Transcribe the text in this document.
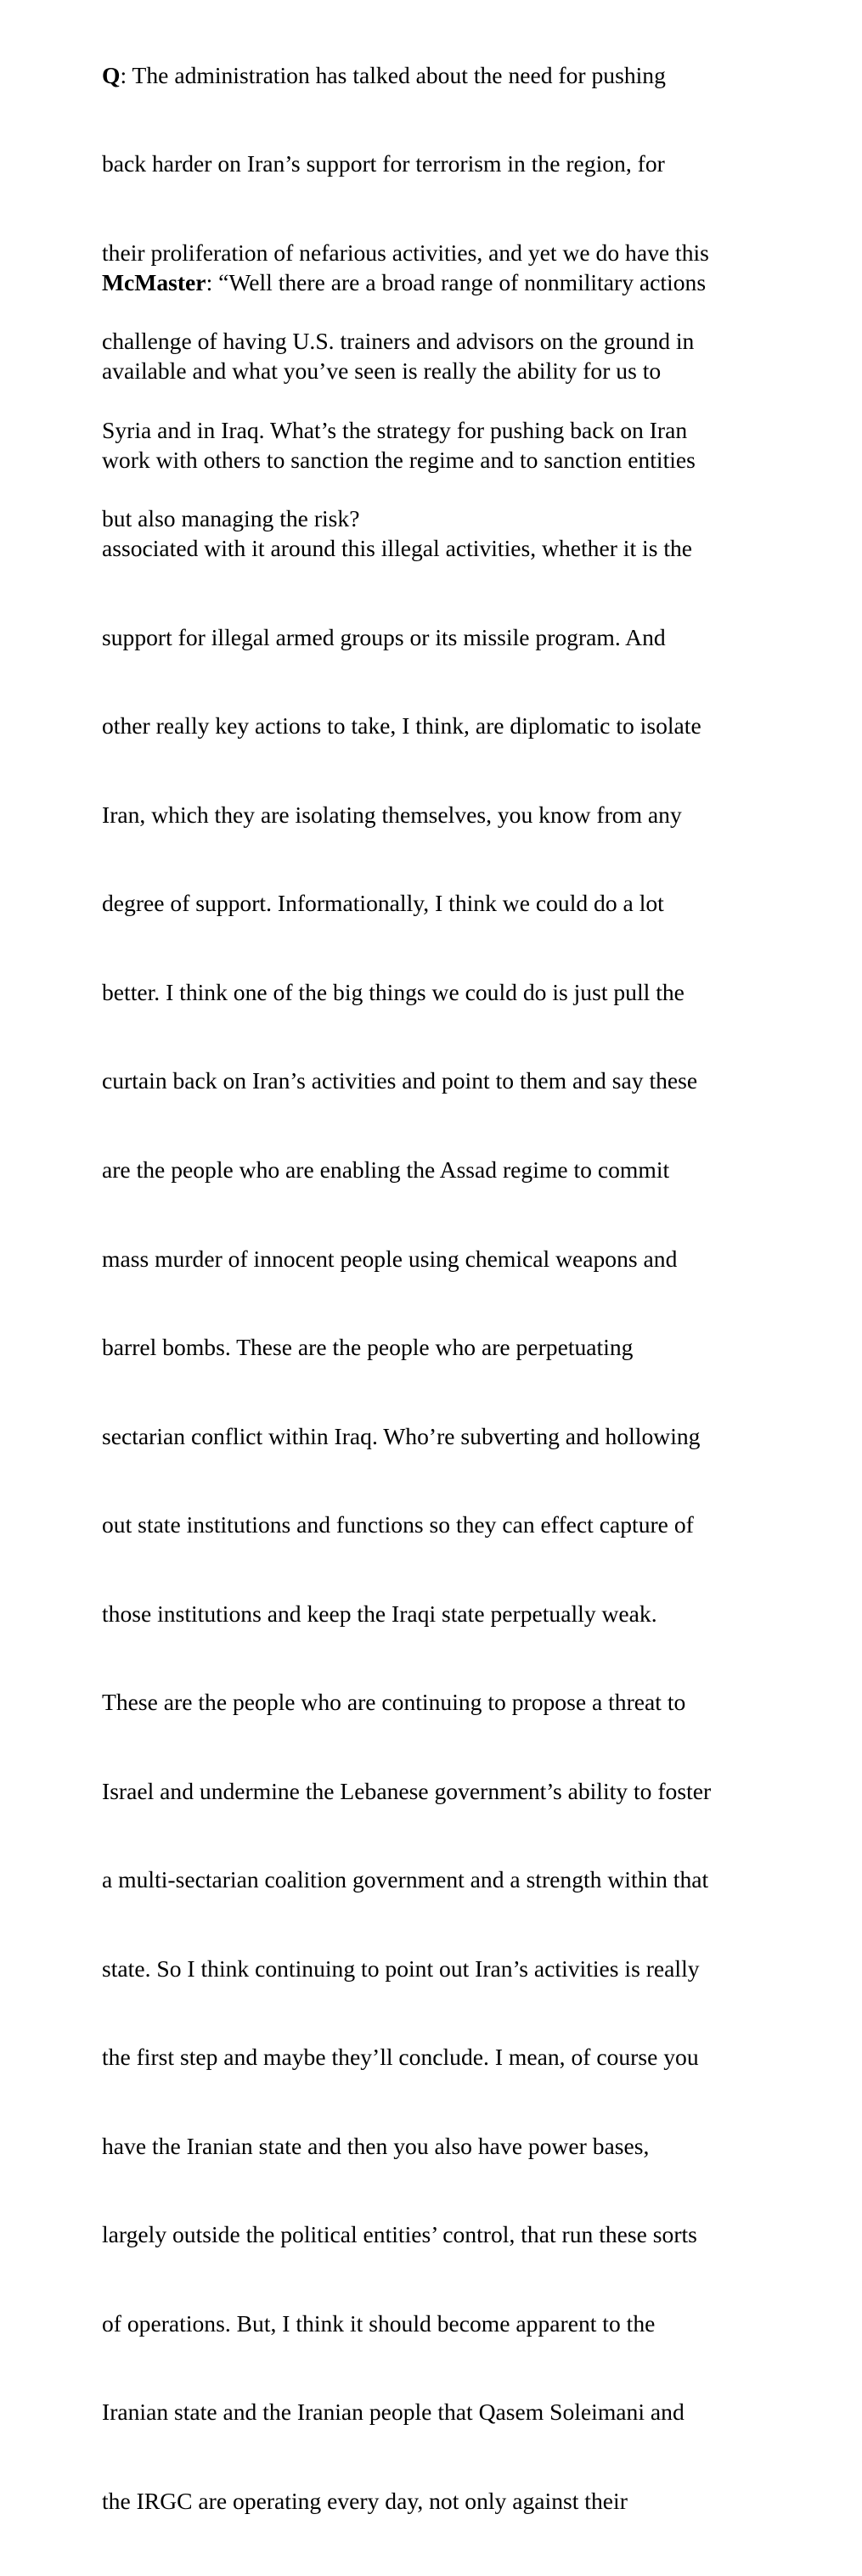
Q: The administration has talked about the need for pushing

back harder on Iran’s support for terrorism in the region, for

their proliferation of nefarious activities, and yet we do have this

challenge of having U.S. trainers and advisors on the ground in

Syria and in Iraq. What’s the strategy for pushing back on Iran

but also managing the risk?

McMaster: “Well there are a broad range of nonmilitary actions

available and what you’ve seen is really the ability for us to

work with others to sanction the regime and to sanction entities

associated with it around this illegal activities, whether it is the

support for illegal armed groups or its missile program. And

other really key actions to take, I think, are diplomatic to isolate

Iran, which they are isolating themselves, you know from any

degree of support. Informationally, I think we could do a lot

better. I think one of the big things we could do is just pull the

curtain back on Iran’s activities and point to them and say these

are the people who are enabling the Assad regime to commit

mass murder of innocent people using chemical weapons and

barrel bombs. These are the people who are perpetuating

sectarian conflict within Iraq. Who’re subverting and hollowing

out state institutions and functions so they can effect capture of

those institutions and keep the Iraqi state perpetually weak.

These are the people who are continuing to propose a threat to

Israel and undermine the Lebanese government’s ability to foster

a multi-sectarian coalition government and a strength within that

state. So I think continuing to point out Iran’s activities is really

the first step and maybe they’ll conclude. I mean, of course you

have the Iranian state and then you also have power bases,

largely outside the political entities’ control, that run these sorts

of operations. But, I think it should become apparent to the

Iranian state and the Iranian people that Qasem Soleimani and

the IRGC are operating every day, not only against their
